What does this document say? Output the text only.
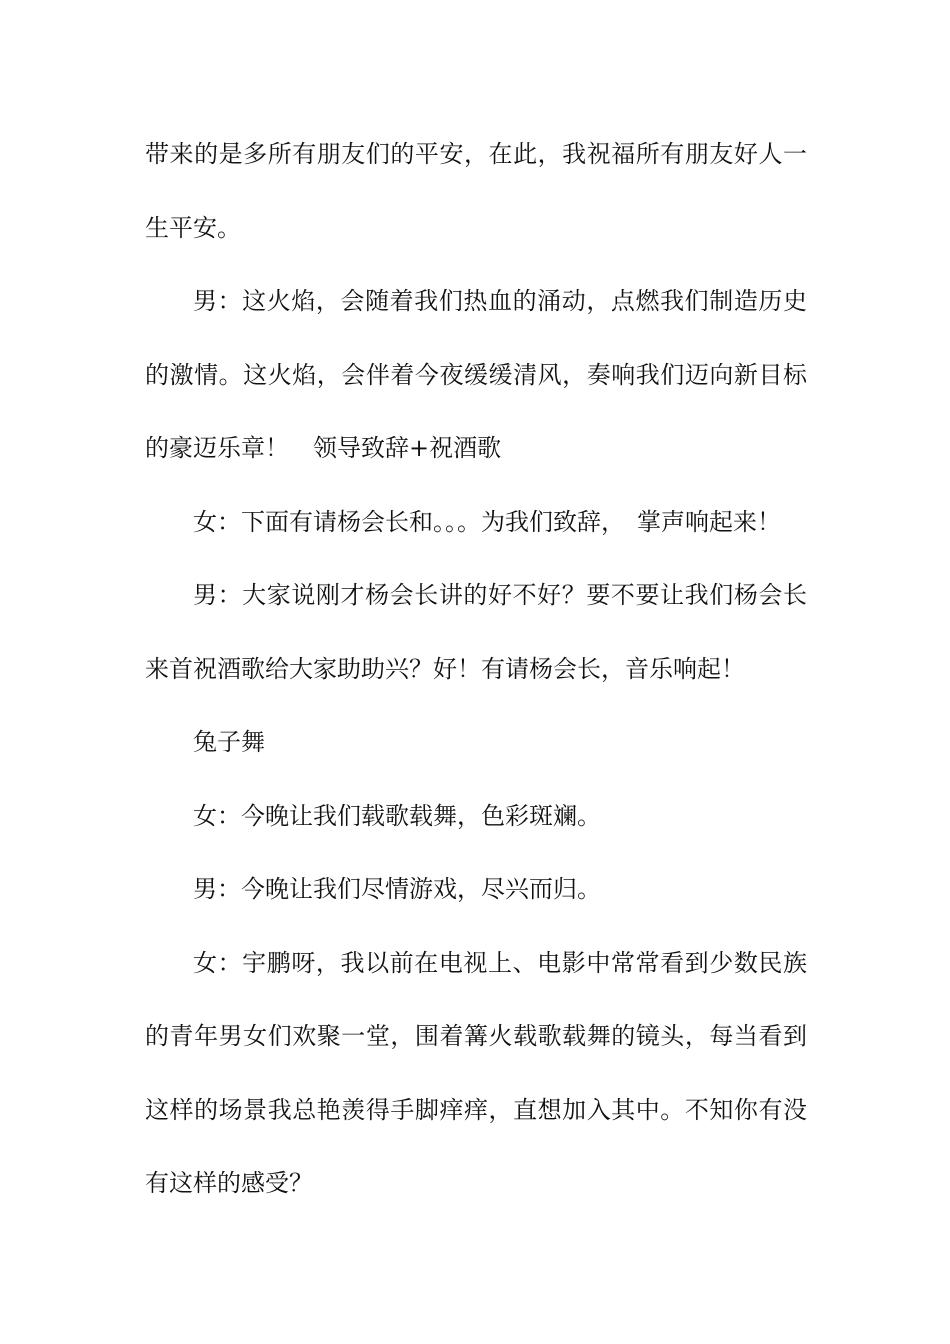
带来的是多所有朋友们的平安，在此，我祝福所有朋友好人一生平安。

男：这火焰，会随着我们热血的涌动，点燃我们制造历史的激情。这火焰，会伴着今夜缓缓清风，奏响我们迈向新目标的豪迈乐章！　领导致辞+祝酒歌

女：下面有请杨会长和。。。为我们致辞，　掌声响起来！

男：大家说刚才杨会长讲的好不好？要不要让我们杨会长来首祝酒歌给大家助助兴？好！有请杨会长，音乐响起！

兔子舞

女：今晚让我们载歌载舞，色彩斑斓。

男：今晚让我们尽情游戏，尽兴而归。

女：宇鹏呀，我以前在电视上、电影中常常看到少数民族的青年男女们欢聚一堂，围着篝火载歌载舞的镜头，每当看到这样的场景我总艳羡得手脚痒痒，直想加入其中。不知你有没有这样的感受？
